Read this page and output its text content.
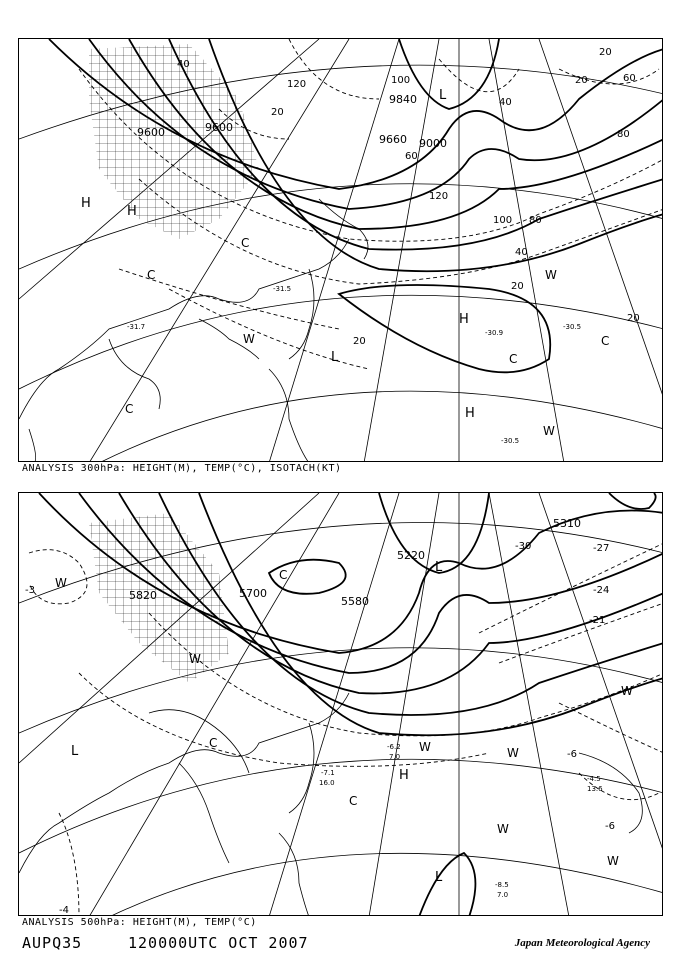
9600	9600
9840
9660 9000
40
120
20
100
40
20
60
80
60
120
100 80
40
20
20
20
20
H
H
H
H
L
L
C
C
C
C
C
W
W
W
-30.5
-31.7
-31.5
-30.9
-30.5
ANALYSIS 300hPa: HEIGHT(M), TEMP(°C), ISOTACH(KT)
5820	5700
5580
5220
5310
-3	-24
-21
-27
-30
-6
-6
-4
L
L
L
H
W
W
W	W
W
W
W
C
C
C
-8.5
7.0
-6.2
7.0
-4.5
13.6
-7.1
16.0
ANALYSIS 500hPa: HEIGHT(M), TEMP(°C)
AUPQ35	120000UTC OCT 2007	Japan Meteorological Agency
